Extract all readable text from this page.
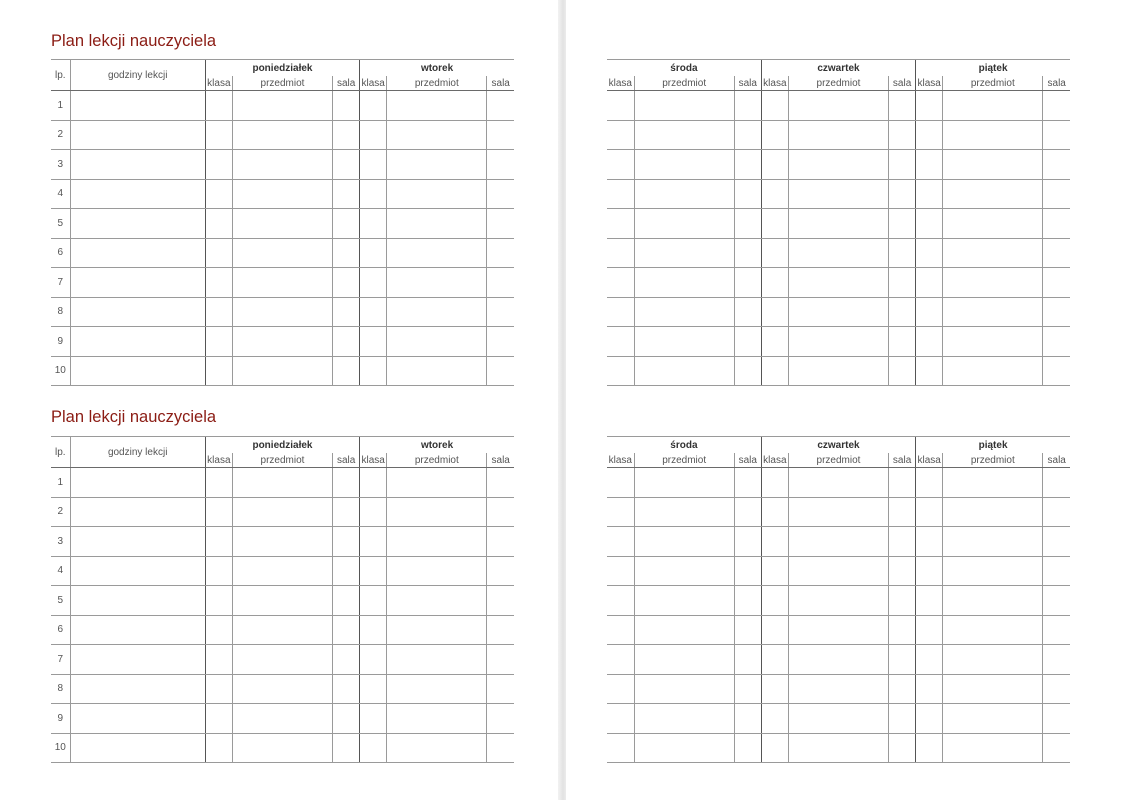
Plan lekcji nauczyciela
lp.	godziny lekcji	poniedziałek			wtorek		
		klasa	przedmiot	sala	klasa	przedmiot	sala
1							
2							
3							
4							
5							
6							
7							
8							
9							
10							
Plan lekcji nauczyciela
lp.	godziny lekcji	poniedziałek			wtorek		
		klasa	przedmiot	sala	klasa	przedmiot	sala
1							
2							
3							
4							
5							
6							
7							
8							
9							
10							
środa			czwartek			piątek		
klasa	przedmiot	sala	klasa	przedmiot	sala	klasa	przedmiot	sala

środa			czwartek			piątek		
klasa	przedmiot	sala	klasa	przedmiot	sala	klasa	przedmiot	sala
